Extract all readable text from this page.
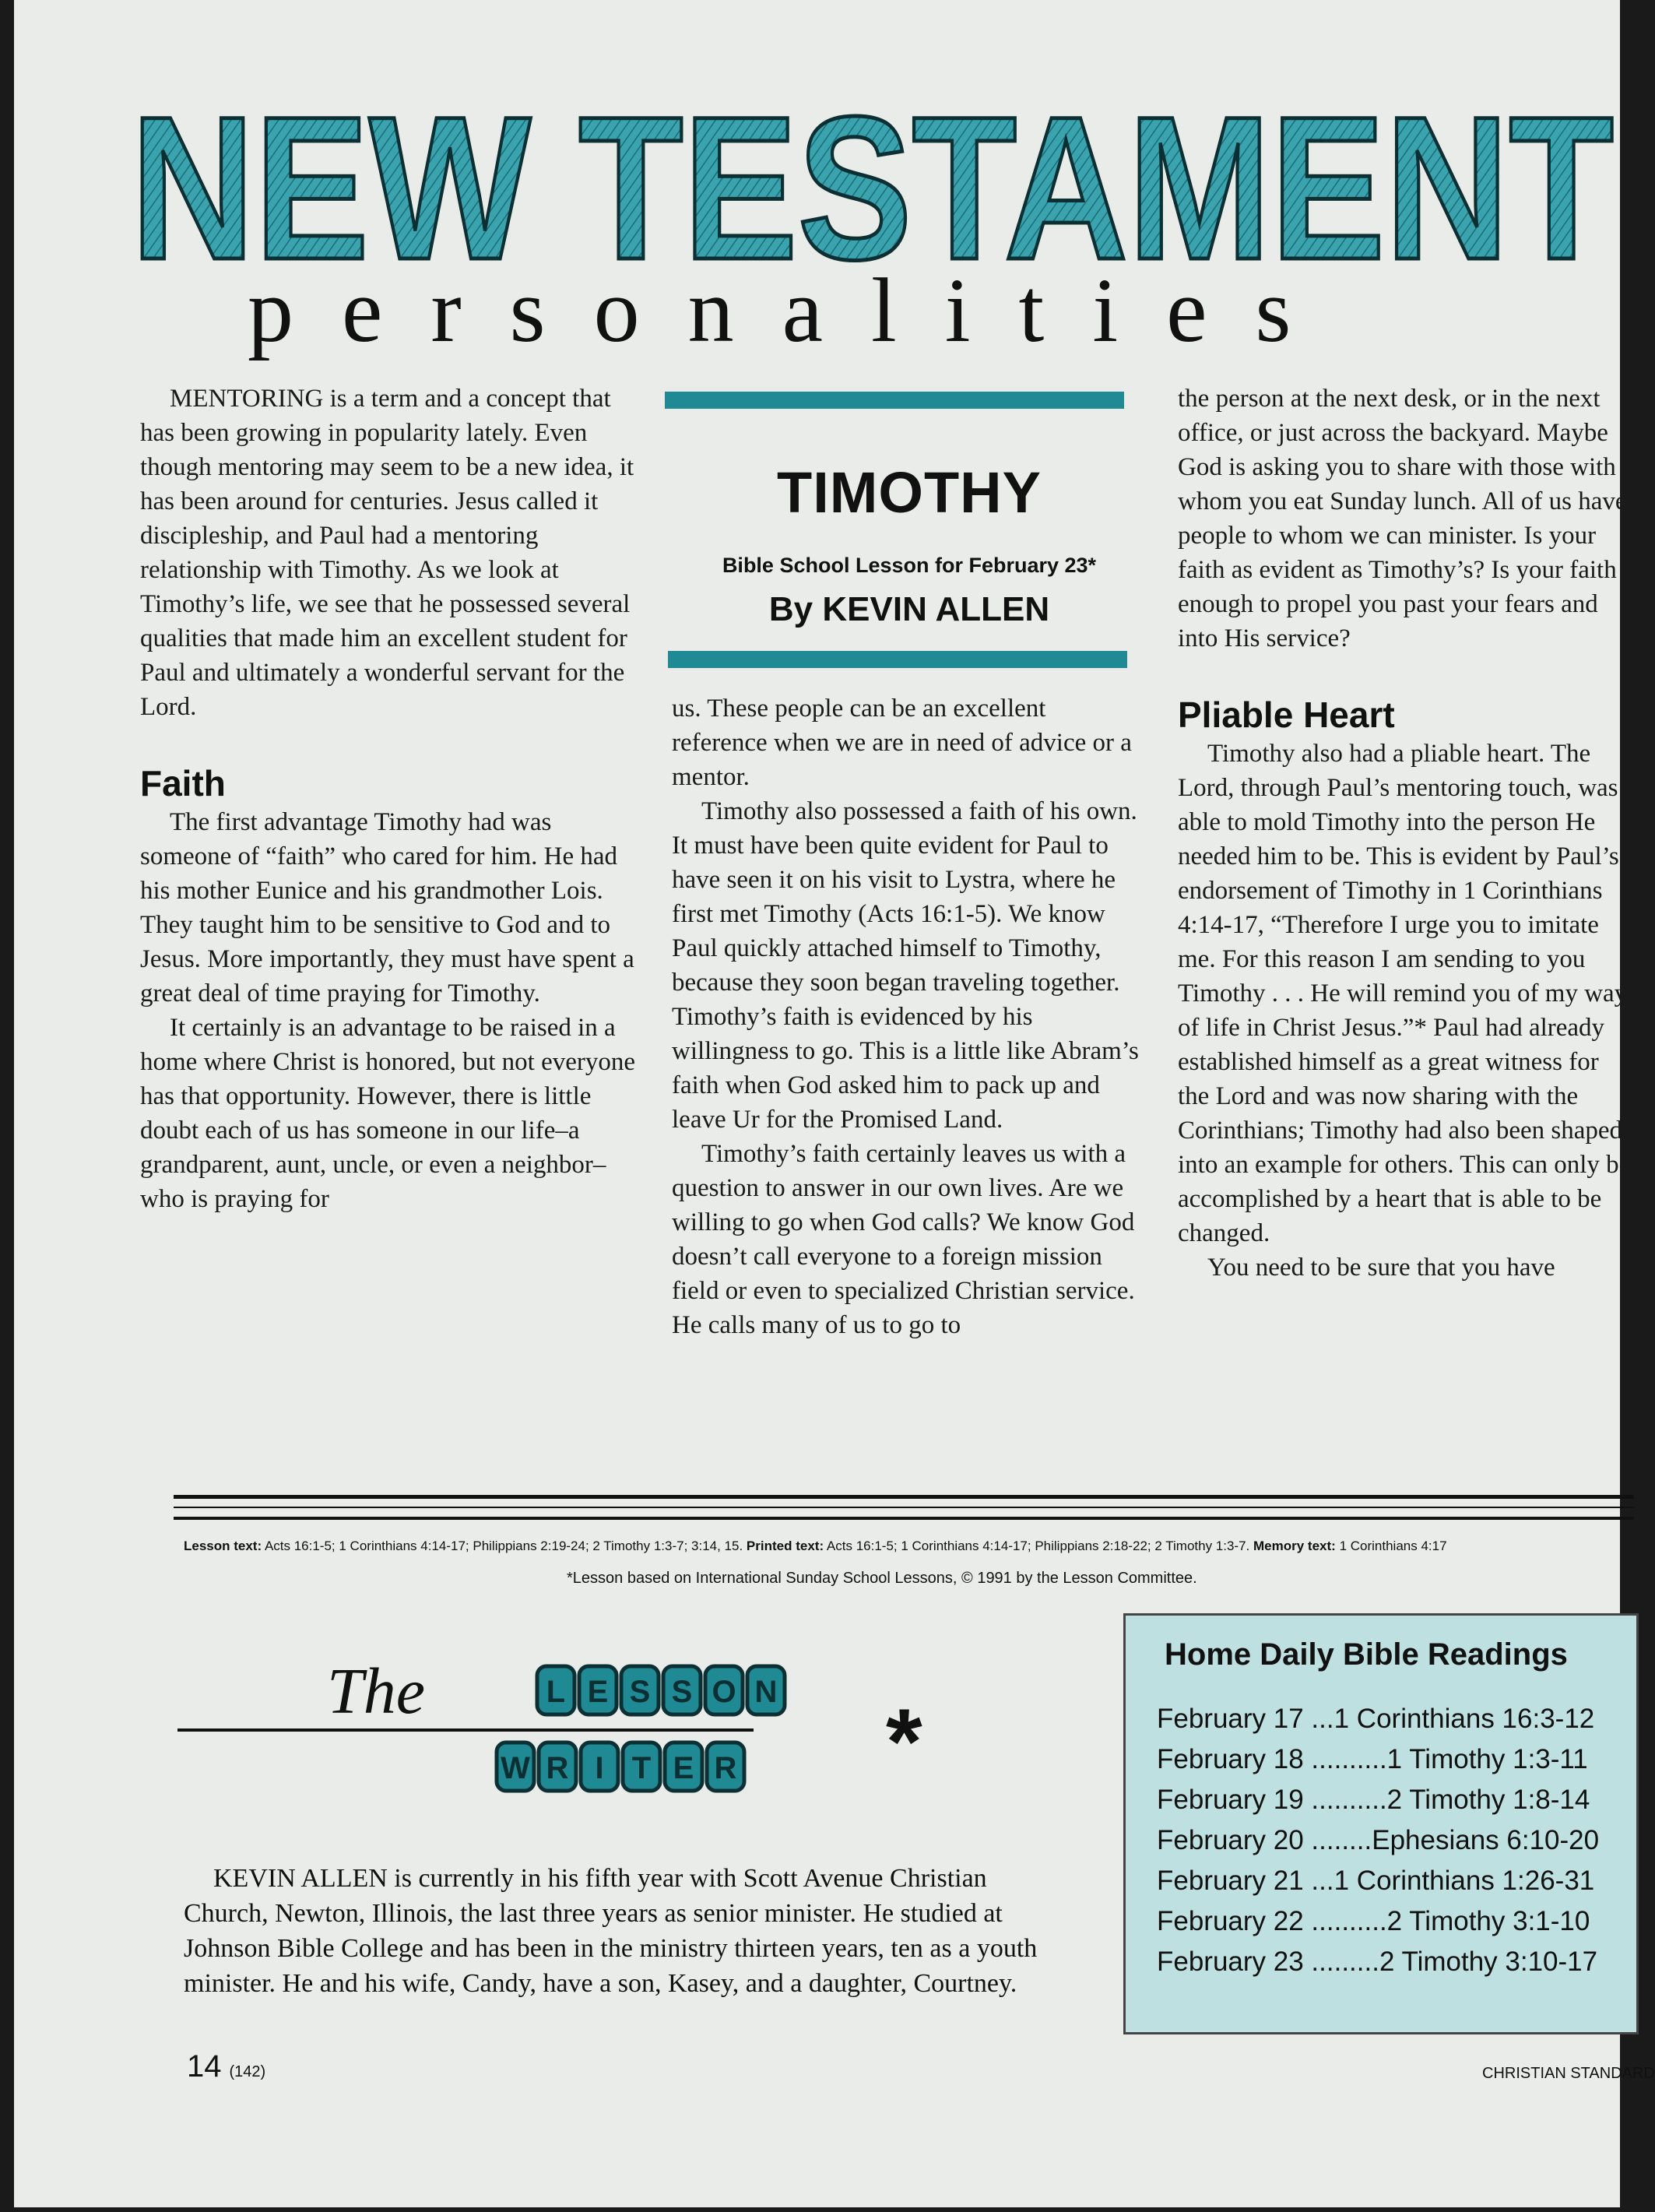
NEW TESTAMENT
personalities

MENTORING is a term and a concept that has been growing in popularity lately. Even though mentoring may seem to be a new idea, it has been around for centuries. Jesus called it discipleship, and Paul had a mentoring relationship with Timothy. As we look at Timothy’s life, we see that he possessed several qualities that made him an excellent student for Paul and ultimately a wonderful servant for the Lord.

Faith

The first advantage Timothy had was someone of “faith” who cared for him. He had his mother Eunice and his grandmother Lois. They taught him to be sensitive to God and to Jesus. More importantly, they must have spent a great deal of time praying for Timothy.

It certainly is an advantage to be raised in a home where Christ is honored, but not everyone has that opportunity. However, there is little doubt each of us has someone in our life–a grandparent, aunt, uncle, or even a neighbor–who is praying for

TIMOTHY
Bible School Lesson for February 23*
By KEVIN ALLEN

us. These people can be an excellent reference when we are in need of advice or a mentor.

Timothy also possessed a faith of his own. It must have been quite evident for Paul to have seen it on his visit to Lystra, where he first met Timothy (Acts 16:1-5). We know Paul quickly attached himself to Timothy, because they soon began traveling together. Timothy’s faith is evidenced by his willingness to go. This is a little like Abram’s faith when God asked him to pack up and leave Ur for the Promised Land.

Timothy’s faith certainly leaves us with a question to answer in our own lives. Are we willing to go when God calls? We know God doesn’t call everyone to a foreign mission field or even to specialized Christian service. He calls many of us to go to

the person at the next desk, or in the next office, or just across the backyard. Maybe God is asking you to share with those with whom you eat Sunday lunch. All of us have people to whom we can minister. Is your faith as evident as Timothy’s? Is your faith enough to propel you past your fears and into His service?

Pliable Heart

Timothy also had a pliable heart. The Lord, through Paul’s mentoring touch, was able to mold Timothy into the person He needed him to be. This is evident by Paul’s endorsement of Timothy in 1 Corinthians 4:14-17, “Therefore I urge you to imitate me. For this reason I am sending to you Timothy . . . He will remind you of my way of life in Christ Jesus.”* Paul had already established himself as a great witness for the Lord and was now sharing with the Corinthians; Timothy had also been shaped into an example for others. This can only be accomplished by a heart that is able to be changed.

You need to be sure that you have

Lesson text: Acts 16:1-5; 1 Corinthians 4:14-17; Philippians 2:19-24; 2 Timothy 1:3-7; 3:14, 15. Printed text: Acts 16:1-5; 1 Corinthians 4:14-17; Philippians 2:18-22; 2 Timothy 1:3-7. Memory text: 1 Corinthians 4:17
*Lesson based on International Sunday School Lessons, © 1991 by the Lesson Committee.
The	L E S S O N
W R I T E R *

KEVIN ALLEN is currently in his fifth year with Scott Avenue Christian Church, Newton, Illinois, the last three years as senior minister. He studied at Johnson Bible College and has been in the ministry thirteen years, ten as a youth minister. He and his wife, Candy, have a son, Kasey, and a daughter, Courtney.

Home Daily Bible Readings
February 17 ...1 Corinthians 16:3-12
February 18 ..........1 Timothy 1:3-11
February 19 ..........2 Timothy 1:8-14
February 20 ........Ephesians 6:10-20
February 21 ...1 Corinthians 1:26-31
February 22 ..........2 Timothy 3:1-10
February 23 .........2 Timothy 3:10-17
14 (142)	CHRISTIAN STANDARD
